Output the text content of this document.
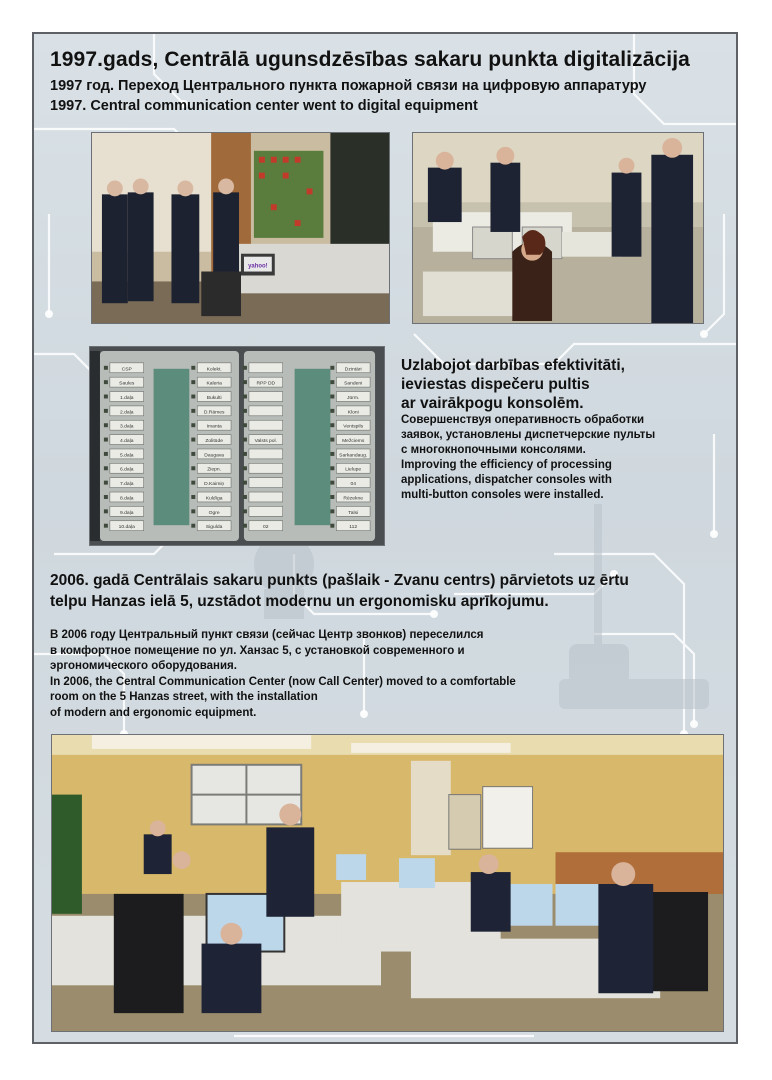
1997.gads, Centrālā ugunsdzēsības sakaru punkta digitalizācija

1997 год. Переход Центрального пункта пожарной связи на цифровую аппаратуру

1997. Central communication center went to digital equipment

yahoo!
CSP
Saules
1.daļa
2.daļa
3.daļa
4.daļa
5.daļa
6.daļa
7.daļa
8.daļa
9.daļa
10.daļa
Kolekt.
Kaleria
Bukulti
D.Rāmes
Imanta
Zolitūde
Daugava
Ziepn.
D.Kaimiņ
Kuldīga
Ogre
Sigulda
RPP DD
Valsts pol.
02
Dzintāri
Sandeni
Jūrm.
Kloni
Ventspils
Mežciems
Sarkandaug.
Lielupe
04
Rēzekne
Talsi
112

Uzlabojot darbības efektivitāti,
ieviestas dispečeru pultis
ar vairākpogu konsolēm.

Совершенствуя оперативность обработки
заявок, установлены диспетчерские пульты
с многокнопочными консолями.

Improving the efficiency of processing
applications, dispatcher consoles with
multi-button consoles were installed.

2006. gadā Centrālais sakaru punkts (pašlaik - Zvanu centrs) pārvietots uz ērtu
telpu Hanzas ielā 5, uzstādot modernu un ergonomisku aprīkojumu.
В 2006 году Центральный пункт связи (сейчас Центр звонков) переселился
в комфортное помещение по ул. Ханзас 5, с установкой современного и
эргономического оборудования.
In 2006, the Central Communication Center (now Call Center) moved to a comfortable
room on the 5 Hanzas street, with the installation
of modern and ergonomic equipment.
